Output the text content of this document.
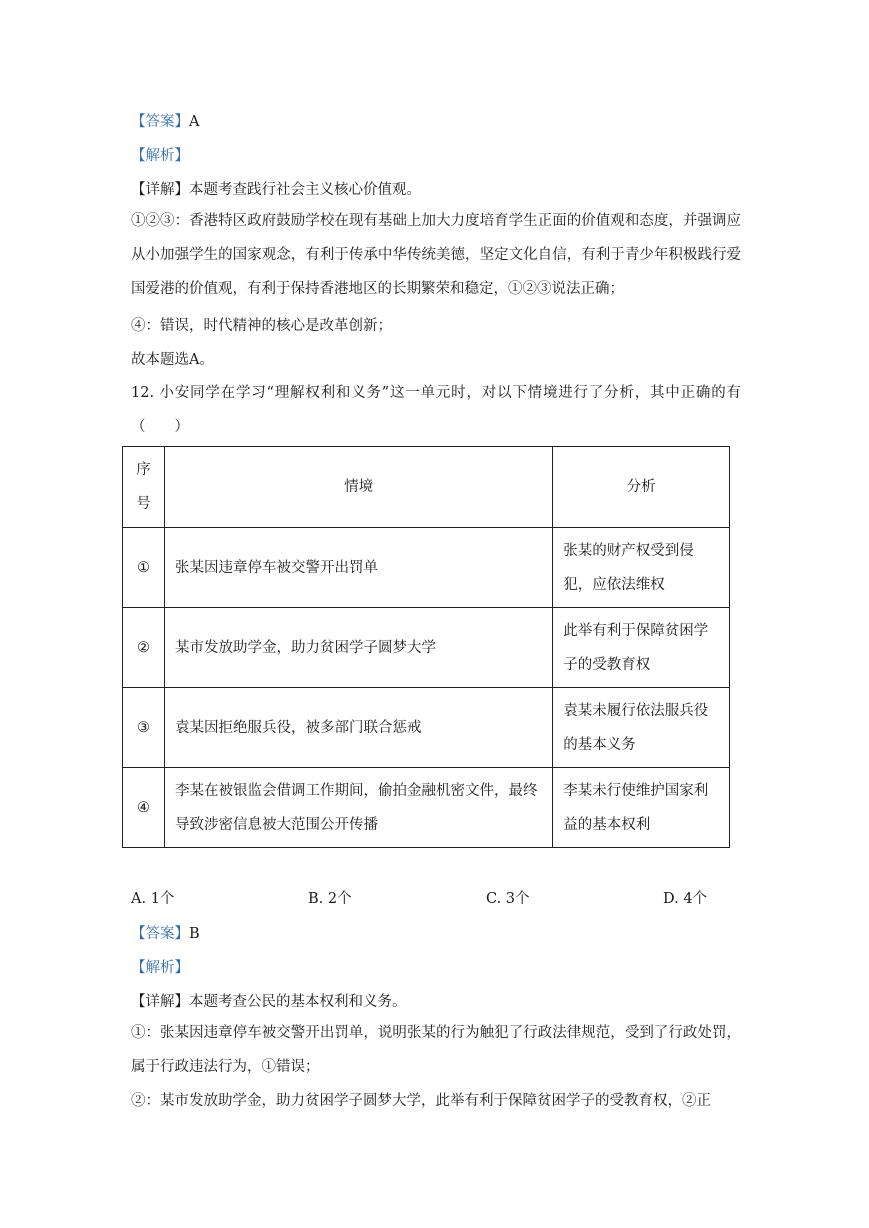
【答案】A
【解析】
【详解】本题考查践行社会主义核心价值观。
①②③：香港特区政府鼓励学校在现有基础上加大力度培育学生正面的价值观和态度，并强调应从小加强学生的国家观念，有利于传承中华传统美德，坚定文化自信，有利于青少年积极践行爱国爱港的价值观，有利于保持香港地区的长期繁荣和稳定，①②③说法正确；
④：错误，时代精神的核心是改革创新；
故本题选A。
12. 小安同学在学习“理解权利和义务”这一单元时，对以下情境进行了分析，其中正确的有（　　）
序号	情境	分析
①	张某因违章停车被交警开出罚单	张某的财产权受到侵犯，应依法维权
②	某市发放助学金，助力贫困学子圆梦大学	此举有利于保障贫困学子的受教育权
③	袁某因拒绝服兵役，被多部门联合惩戒	袁某未履行依法服兵役的基本义务
④	李某在被银监会借调工作期间，偷拍金融机密文件，最终导致涉密信息被大范围公开传播	李某未行使维护国家利益的基本权利
A. 1个	B. 2个	C. 3个	D. 4个
【答案】B
【解析】
【详解】本题考查公民的基本权利和义务。
①：张某因违章停车被交警开出罚单，说明张某的行为触犯了行政法律规范，受到了行政处罚，属于行政违法行为，①错误；
②：某市发放助学金，助力贫困学子圆梦大学，此举有利于保障贫困学子的受教育权，②正
